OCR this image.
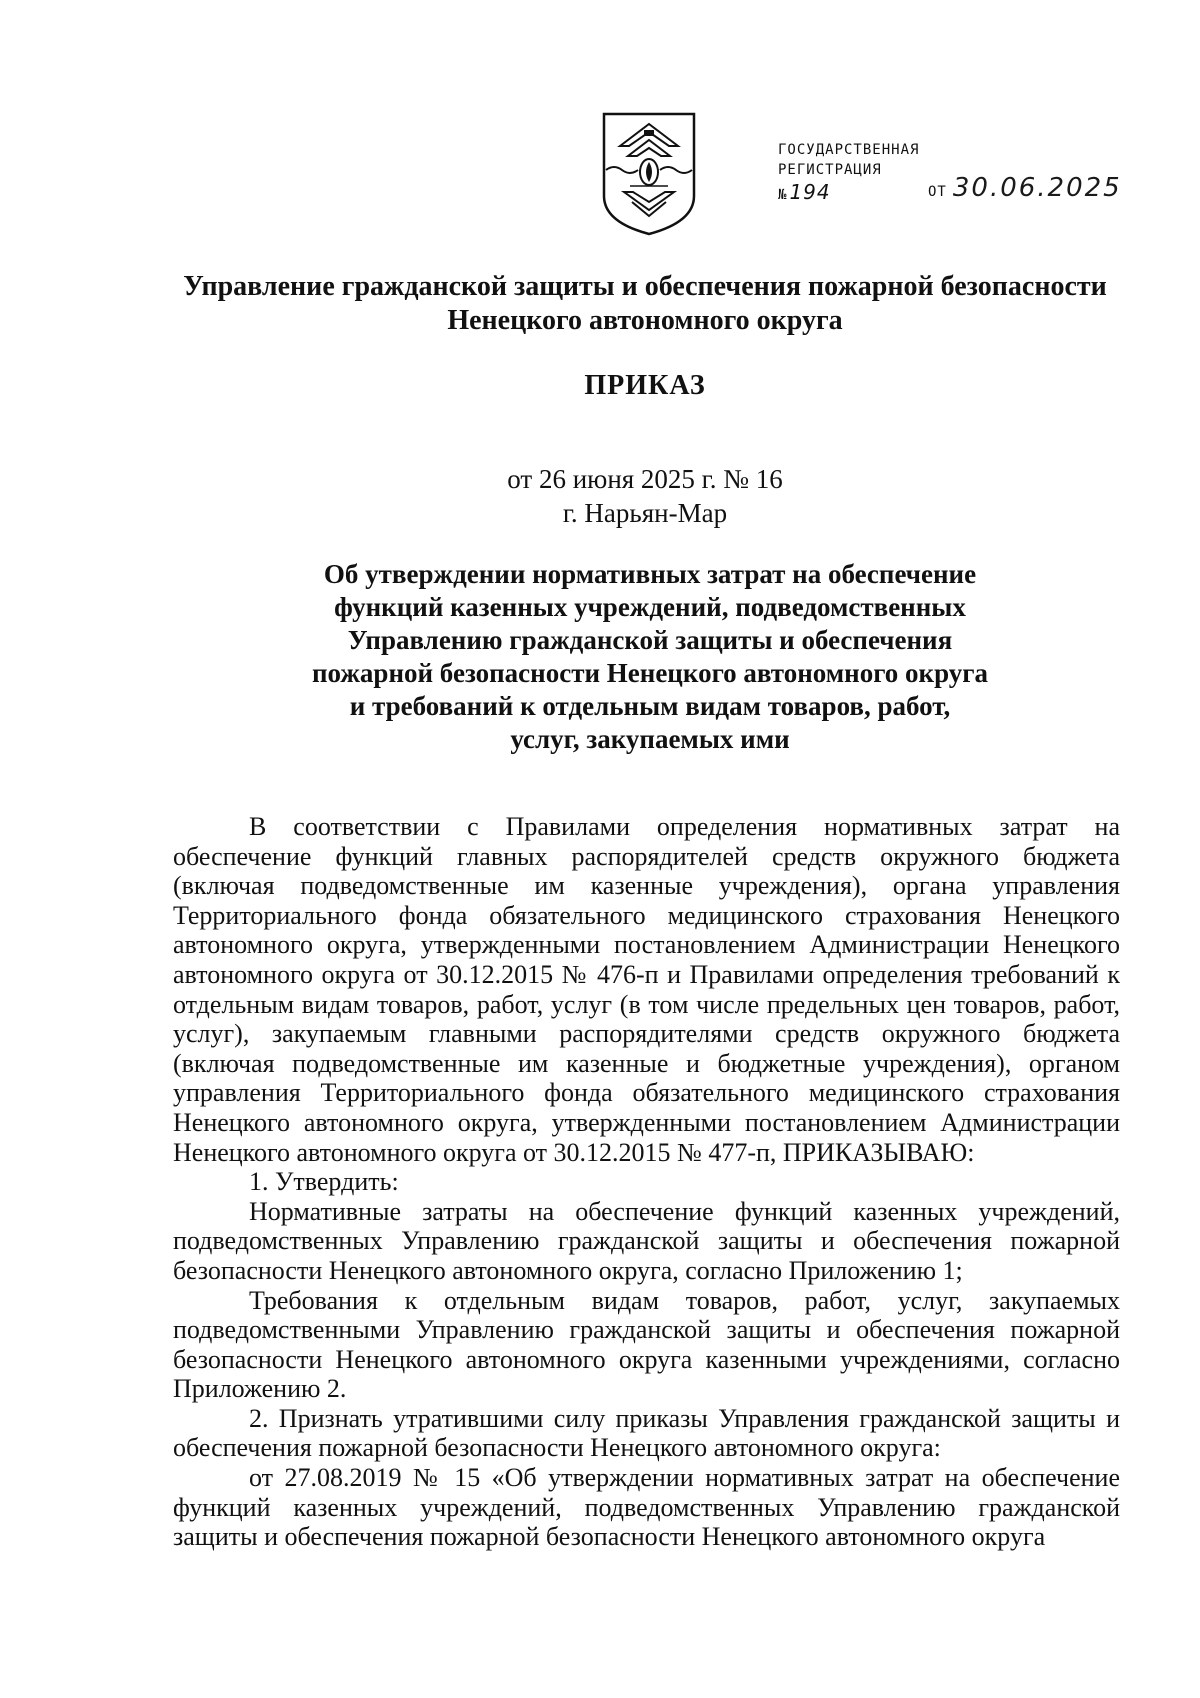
ГОСУДАРСТВЕННАЯ
РЕГИСТРАЦИЯ
№ 194	ОТ 30.06.2025
Управление гражданской защиты и обеспечения пожарной безопасности
Ненецкого автономного округа
ПРИКАЗ
от 26 июня 2025 г. № 16
г. Нарьян-Мар
Об утверждении нормативных затрат на обеспечение
функций казенных учреждений, подведомственных
Управлению гражданской защиты и обеспечения
пожарной безопасности Ненецкого автономного округа
и требований к отдельным видам товаров, работ,
услуг, закупаемых ими

В соответствии с Правилами определения нормативных затрат на обеспечение функций главных распорядителей средств окружного бюджета (включая подведомственные им казенные учреждения), органа управления Территориального фонда обязательного медицинского страхования Ненецкого автономного округа, утвержденными постановлением Администрации Ненецкого автономного округа от 30.12.2015 № 476-п и Правилами определения требований к отдельным видам товаров, работ, услуг (в том числе предельных цен товаров, работ, услуг), закупаемым главными распорядителями средств окружного бюджета (включая подведомственные им казенные и бюджетные учреждения), органом управления Территориального фонда обязательного медицинского страхования Ненецкого автономного округа, утвержденными постановлением Администрации Ненецкого автономного округа от 30.12.2015 № 477-п, ПРИКАЗЫВАЮ:

1. Утвердить:

Нормативные затраты на обеспечение функций казенных учреждений, подведомственных Управлению гражданской защиты и обеспечения пожарной безопасности Ненецкого автономного округа, согласно Приложению 1;

Требования к отдельным видам товаров, работ, услуг, закупаемых подведомственными Управлению гражданской защиты и обеспечения пожарной безопасности Ненецкого автономного округа казенными учреждениями, согласно Приложению 2.

2. Признать утратившими силу приказы Управления гражданской защиты и обеспечения пожарной безопасности Ненецкого автономного округа:

от 27.08.2019 № 15 «Об утверждении нормативных затрат на обеспечение функций казенных учреждений, подведомственных Управлению гражданской защиты и обеспечения пожарной безопасности Ненецкого автономного округа
